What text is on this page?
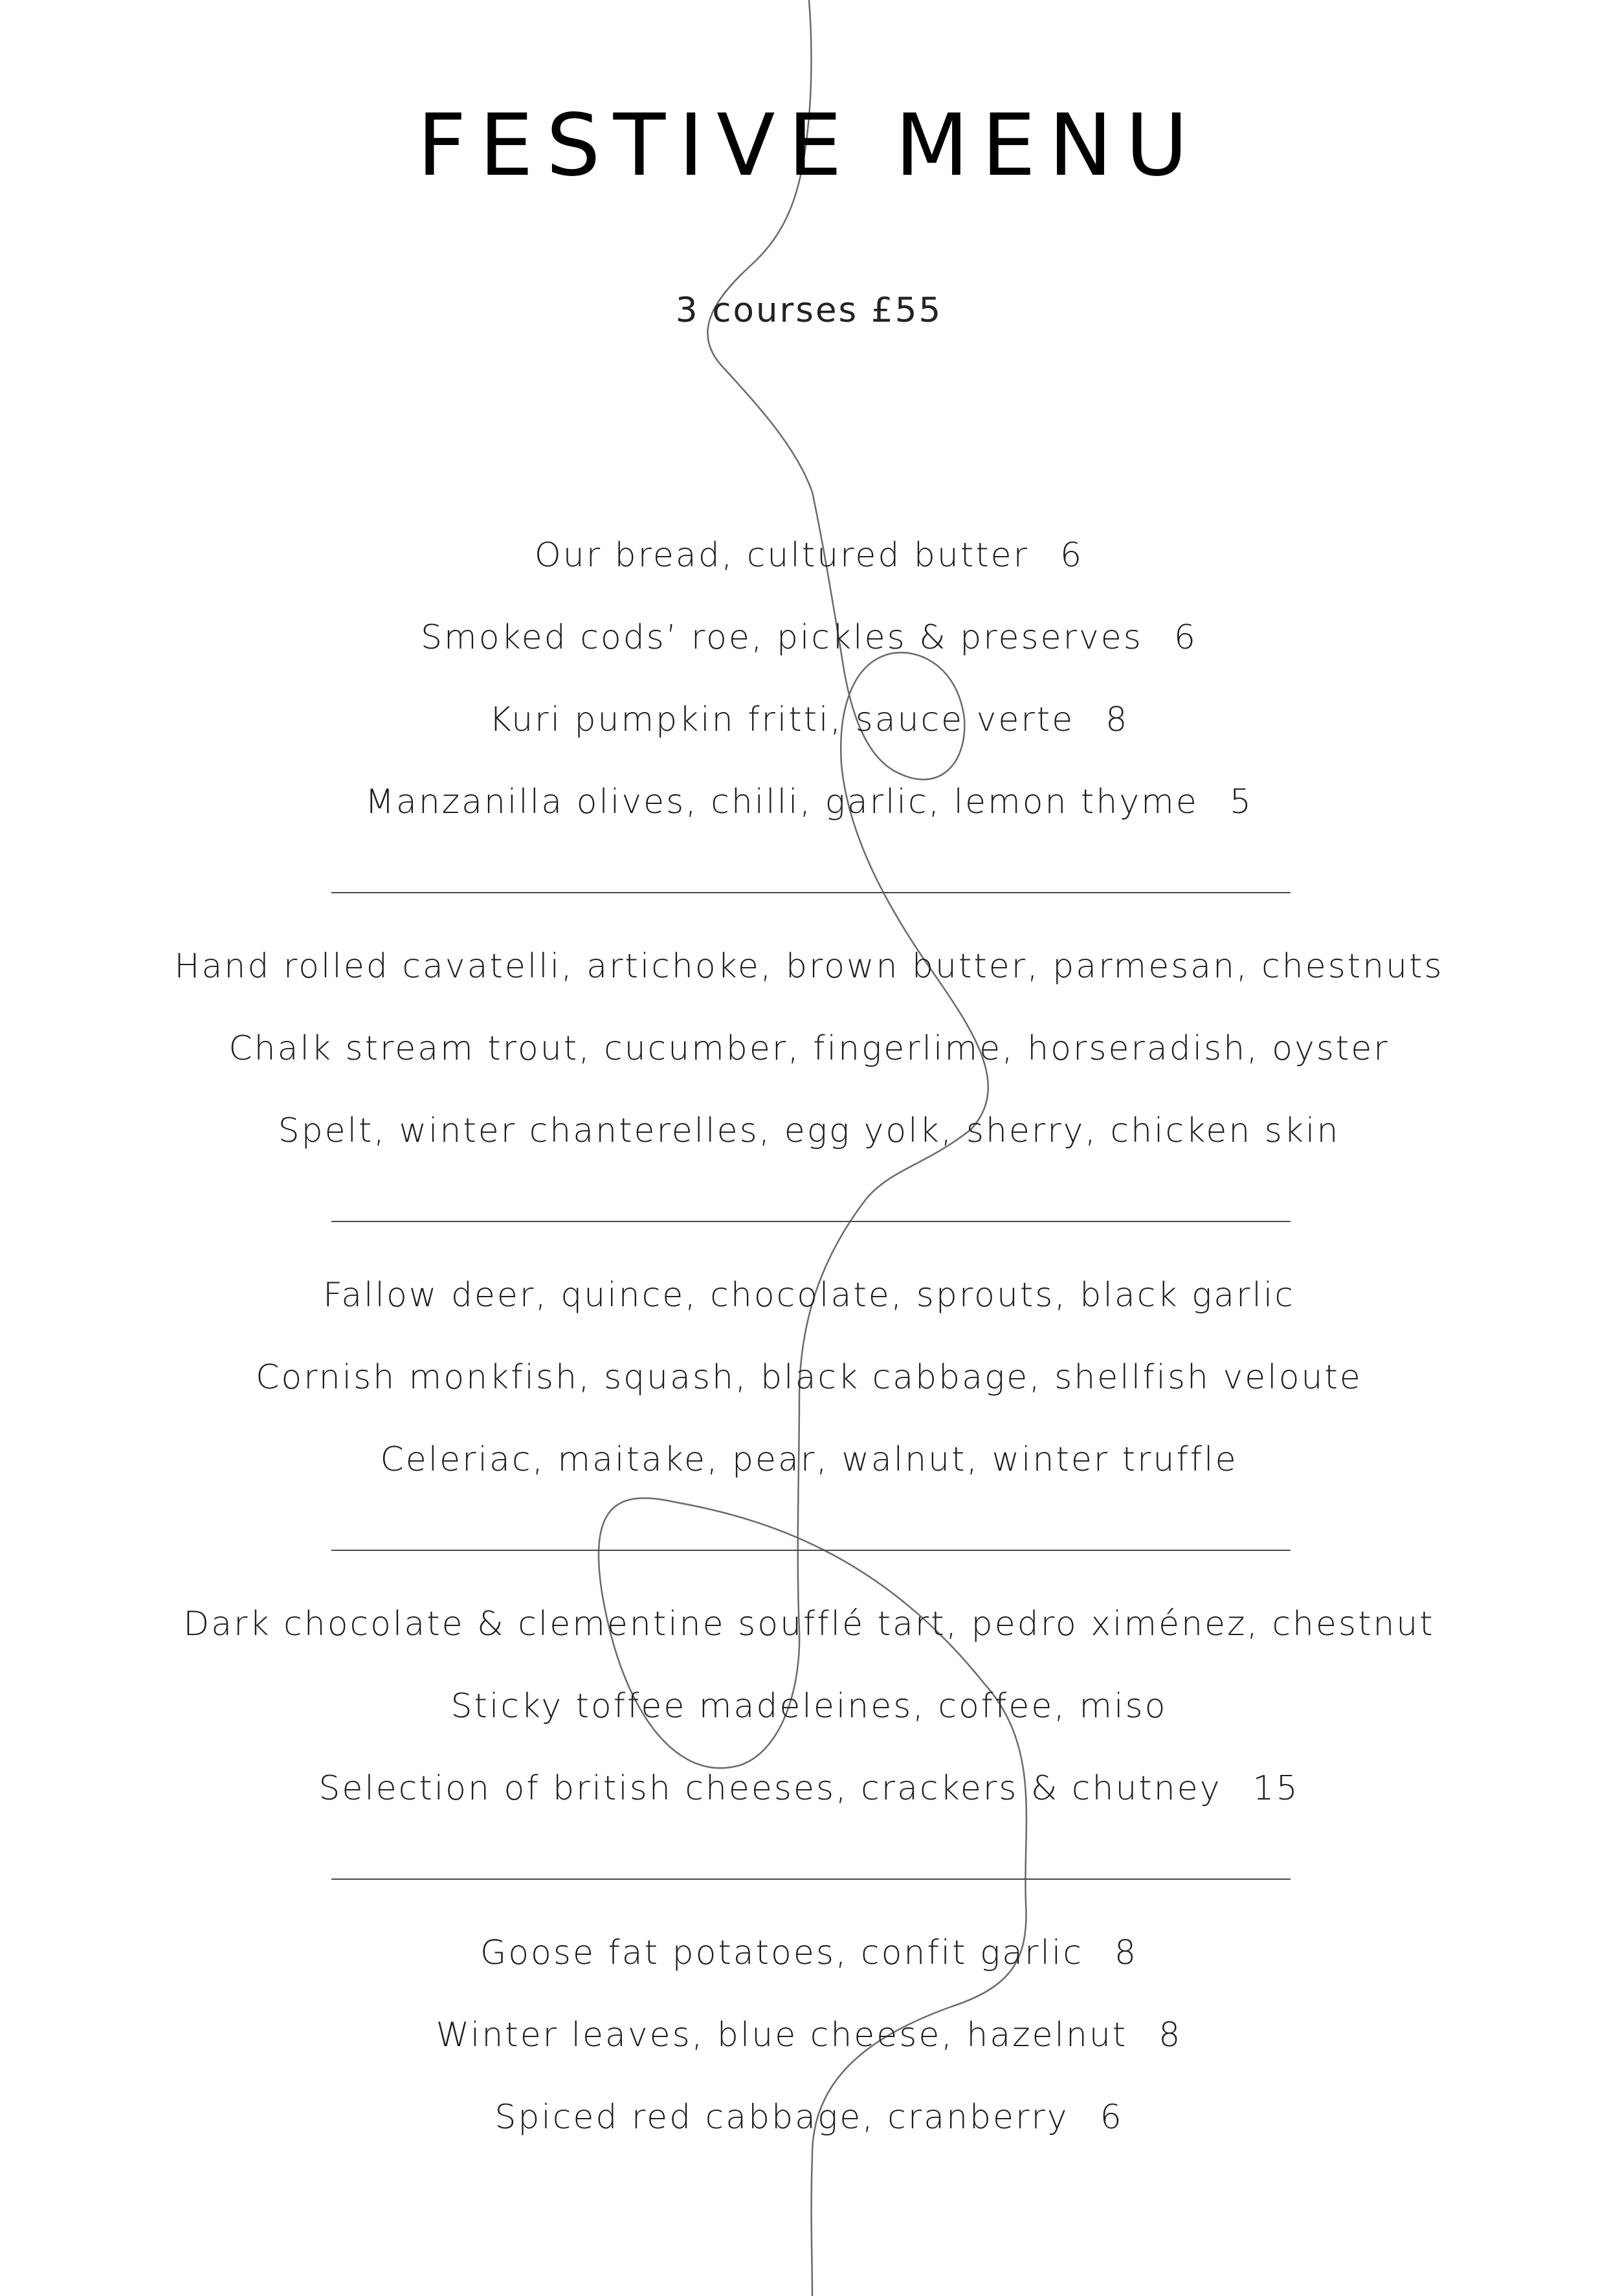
FESTIVE MENU
3 courses £55
Our bread, cultured butter 6
Smoked cods’ roe, pickles & preserves 6
Kuri pumpkin fritti, sauce verte 8
Manzanilla olives, chilli, garlic, lemon thyme 5
Hand rolled cavatelli, artichoke, brown butter, parmesan, chestnuts
Chalk stream trout, cucumber, fingerlime, horseradish, oyster
Spelt, winter chanterelles, egg yolk, sherry, chicken skin
Fallow deer, quince, chocolate, sprouts, black garlic
Cornish monkfish, squash, black cabbage, shellfish veloute
Celeriac, maitake, pear, walnut, winter truffle
Dark chocolate & clementine soufflé tart, pedro ximénez, chestnut
Sticky toffee madeleines, coffee, miso
Selection of british cheeses, crackers & chutney 15
Goose fat potatoes, confit garlic 8
Winter leaves, blue cheese, hazelnut 8
Spiced red cabbage, cranberry 6
